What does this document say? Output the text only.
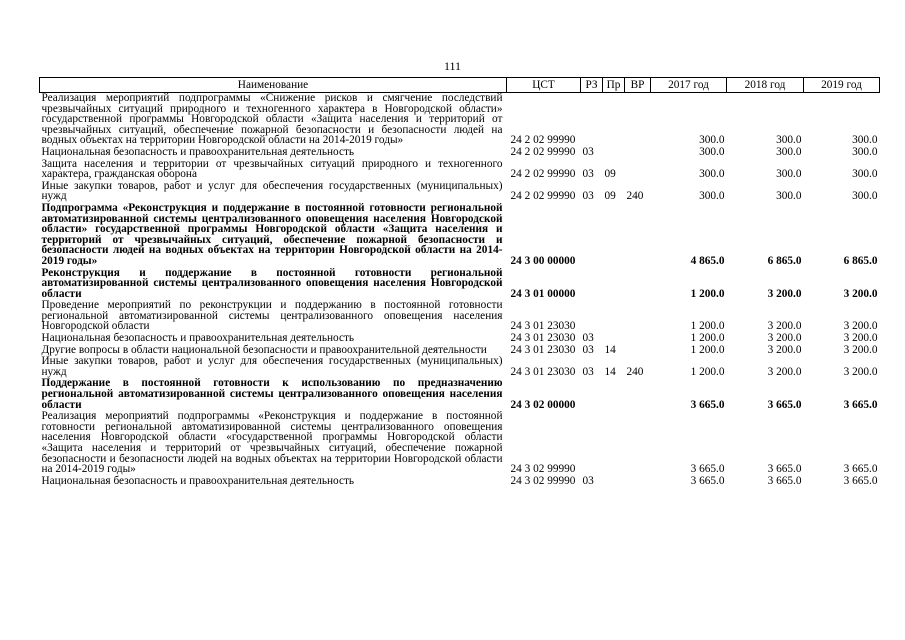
111
Наименование	ЦСТ	РЗ	Пр	ВР	2017 год	2018 год	2019 год
Реализация мероприятий подпрограммы «Снижение рисков и смягчение последствий чрезвычайных ситуаций природного и техногенного характера в Новгородской области» государственной программы Новгородской области «Защита населения и территорий от чрезвычайных ситуаций, обеспечение пожарной безопасности и безопасности людей на водных объектах на территории Новгородской области на 2014-2019 годы»	24 2 02 99990				300.0	300.0	300.0
Национальная безопасность и правоохранительная деятельность	24 2 02 99990	03			300.0	300.0	300.0
Защита населения и территории от чрезвычайных ситуаций природного и техногенного характера, гражданская оборона	24 2 02 99990	03	09		300.0	300.0	300.0
Иные закупки товаров, работ и услуг для обеспечения государственных (муниципальных) нужд	24 2 02 99990	03	09	240	300.0	300.0	300.0
Подпрограмма «Реконструкция и поддержание в постоянной готовности региональной автоматизированной системы централизованного оповещения населения Новгородской области» государственной программы Новгородской области «Защита населения и территорий от чрезвычайных ситуаций, обеспечение пожарной безопасности и безопасности людей на водных объектах на территории Новгородской области на 2014-2019 годы»	24 3 00 00000				4 865.0	6 865.0	6 865.0
Реконструкция и поддержание в постоянной готовности региональной автоматизированной системы централизованного оповещения населения Новгородской области	24 3 01 00000				1 200.0	3 200.0	3 200.0
Проведение мероприятий по реконструкции и поддержанию в постоянной готовности региональной автоматизированной системы централизованного оповещения населения Новгородской области	24 3 01 23030				1 200.0	3 200.0	3 200.0
Национальная безопасность и правоохранительная деятельность	24 3 01 23030	03			1 200.0	3 200.0	3 200.0
Другие вопросы в области национальной безопасности и правоохранительной деятельности	24 3 01 23030	03	14		1 200.0	3 200.0	3 200.0
Иные закупки товаров, работ и услуг для обеспечения государственных (муниципальных) нужд	24 3 01 23030	03	14	240	1 200.0	3 200.0	3 200.0
Поддержание в постоянной готовности к использованию по предназначению региональной автоматизированной системы централизованного оповещения населения области	24 3 02 00000				3 665.0	3 665.0	3 665.0
Реализация мероприятий подпрограммы «Реконструкция и поддержание в постоянной готовности региональной автоматизированной системы централизованного оповещения населения Новгородской области «государственной программы Новгородской области «Защита населения и территорий от чрезвычайных ситуаций, обеспечение пожарной безопасности и безопасности людей на водных объектах на территории Новгородской области на 2014-2019 годы»	24 3 02 99990				3 665.0	3 665.0	3 665.0
Национальная безопасность и правоохранительная деятельность	24 3 02 99990	03			3 665.0	3 665.0	3 665.0
